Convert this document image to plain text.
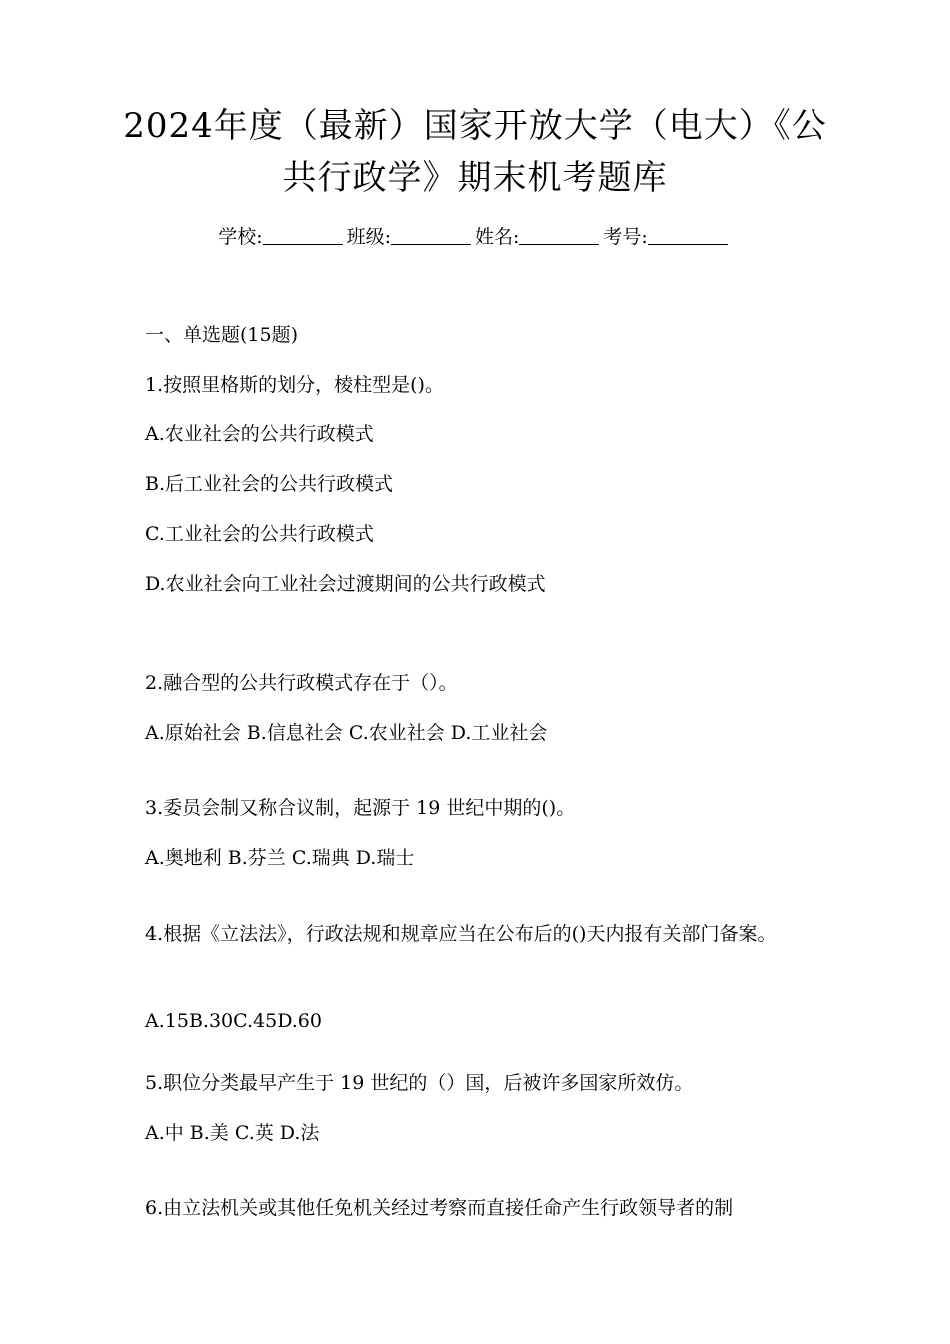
2024年度（最新）国家开放大学（电大）《公
共行政学》期末机考题库
学校:	班级:	姓名:	考号:
一、单选题(15题)
1.按照里格斯的划分，棱柱型是()。
A.农业社会的公共行政模式
B.后工业社会的公共行政模式
C.工业社会的公共行政模式
D.农业社会向工业社会过渡期间的公共行政模式
2.融合型的公共行政模式存在于（）。
A.原始社会 B.信息社会 C.农业社会 D.工业社会
3.委员会制又称合议制，起源于 19 世纪中期的()。
A.奥地利 B.芬兰 C.瑞典 D.瑞士
4.根据《立法法》，行政法规和规章应当在公布后的()天内报有关部门备案。
A.15B.30C.45D.60
5.职位分类最早产生于 19 世纪的（）国，后被许多国家所效仿。
A.中 B.美 C.英 D.法
6.由立法机关或其他任免机关经过考察而直接任命产生行政领导者的制
